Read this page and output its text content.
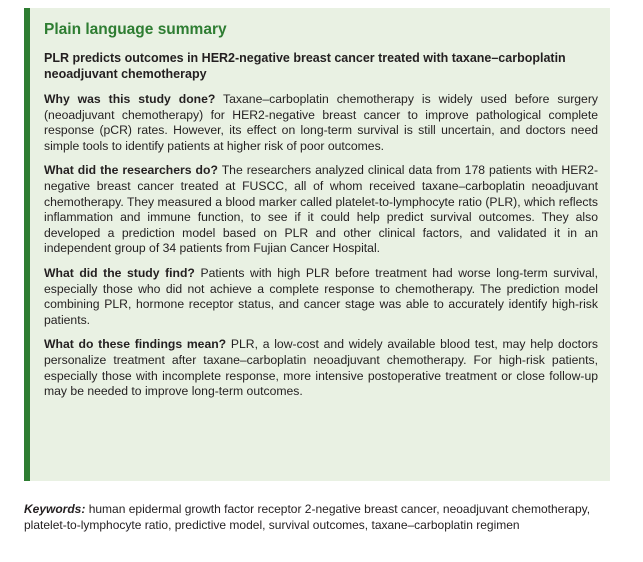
Plain language summary
PLR predicts outcomes in HER2-negative breast cancer treated with taxane–carboplatin neoadjuvant chemotherapy

Why was this study done? Taxane–carboplatin chemotherapy is widely used before surgery (neoadjuvant chemotherapy) for HER2-negative breast cancer to improve pathological complete response (pCR) rates. However, its effect on long-term survival is still uncertain, and doctors need simple tools to identify patients at higher risk of poor outcomes.

What did the researchers do? The researchers analyzed clinical data from 178 patients with HER2-negative breast cancer treated at FUSCC, all of whom received taxane–carboplatin neoadjuvant chemotherapy. They measured a blood marker called platelet-to-lymphocyte ratio (PLR), which reflects inflammation and immune function, to see if it could help predict survival outcomes. They also developed a prediction model based on PLR and other clinical factors, and validated it in an independent group of 34 patients from Fujian Cancer Hospital.

What did the study find? Patients with high PLR before treatment had worse long-term survival, especially those who did not achieve a complete response to chemotherapy. The prediction model combining PLR, hormone receptor status, and cancer stage was able to accurately identify high-risk patients.

What do these findings mean? PLR, a low-cost and widely available blood test, may help doctors personalize treatment after taxane–carboplatin neoadjuvant chemotherapy. For high-risk patients, especially those with incomplete response, more intensive postoperative treatment or close follow-up may be needed to improve long-term outcomes.

Keywords: human epidermal growth factor receptor 2-negative breast cancer, neoadjuvant chemotherapy, platelet-to-lymphocyte ratio, predictive model, survival outcomes, taxane–carboplatin regimen
